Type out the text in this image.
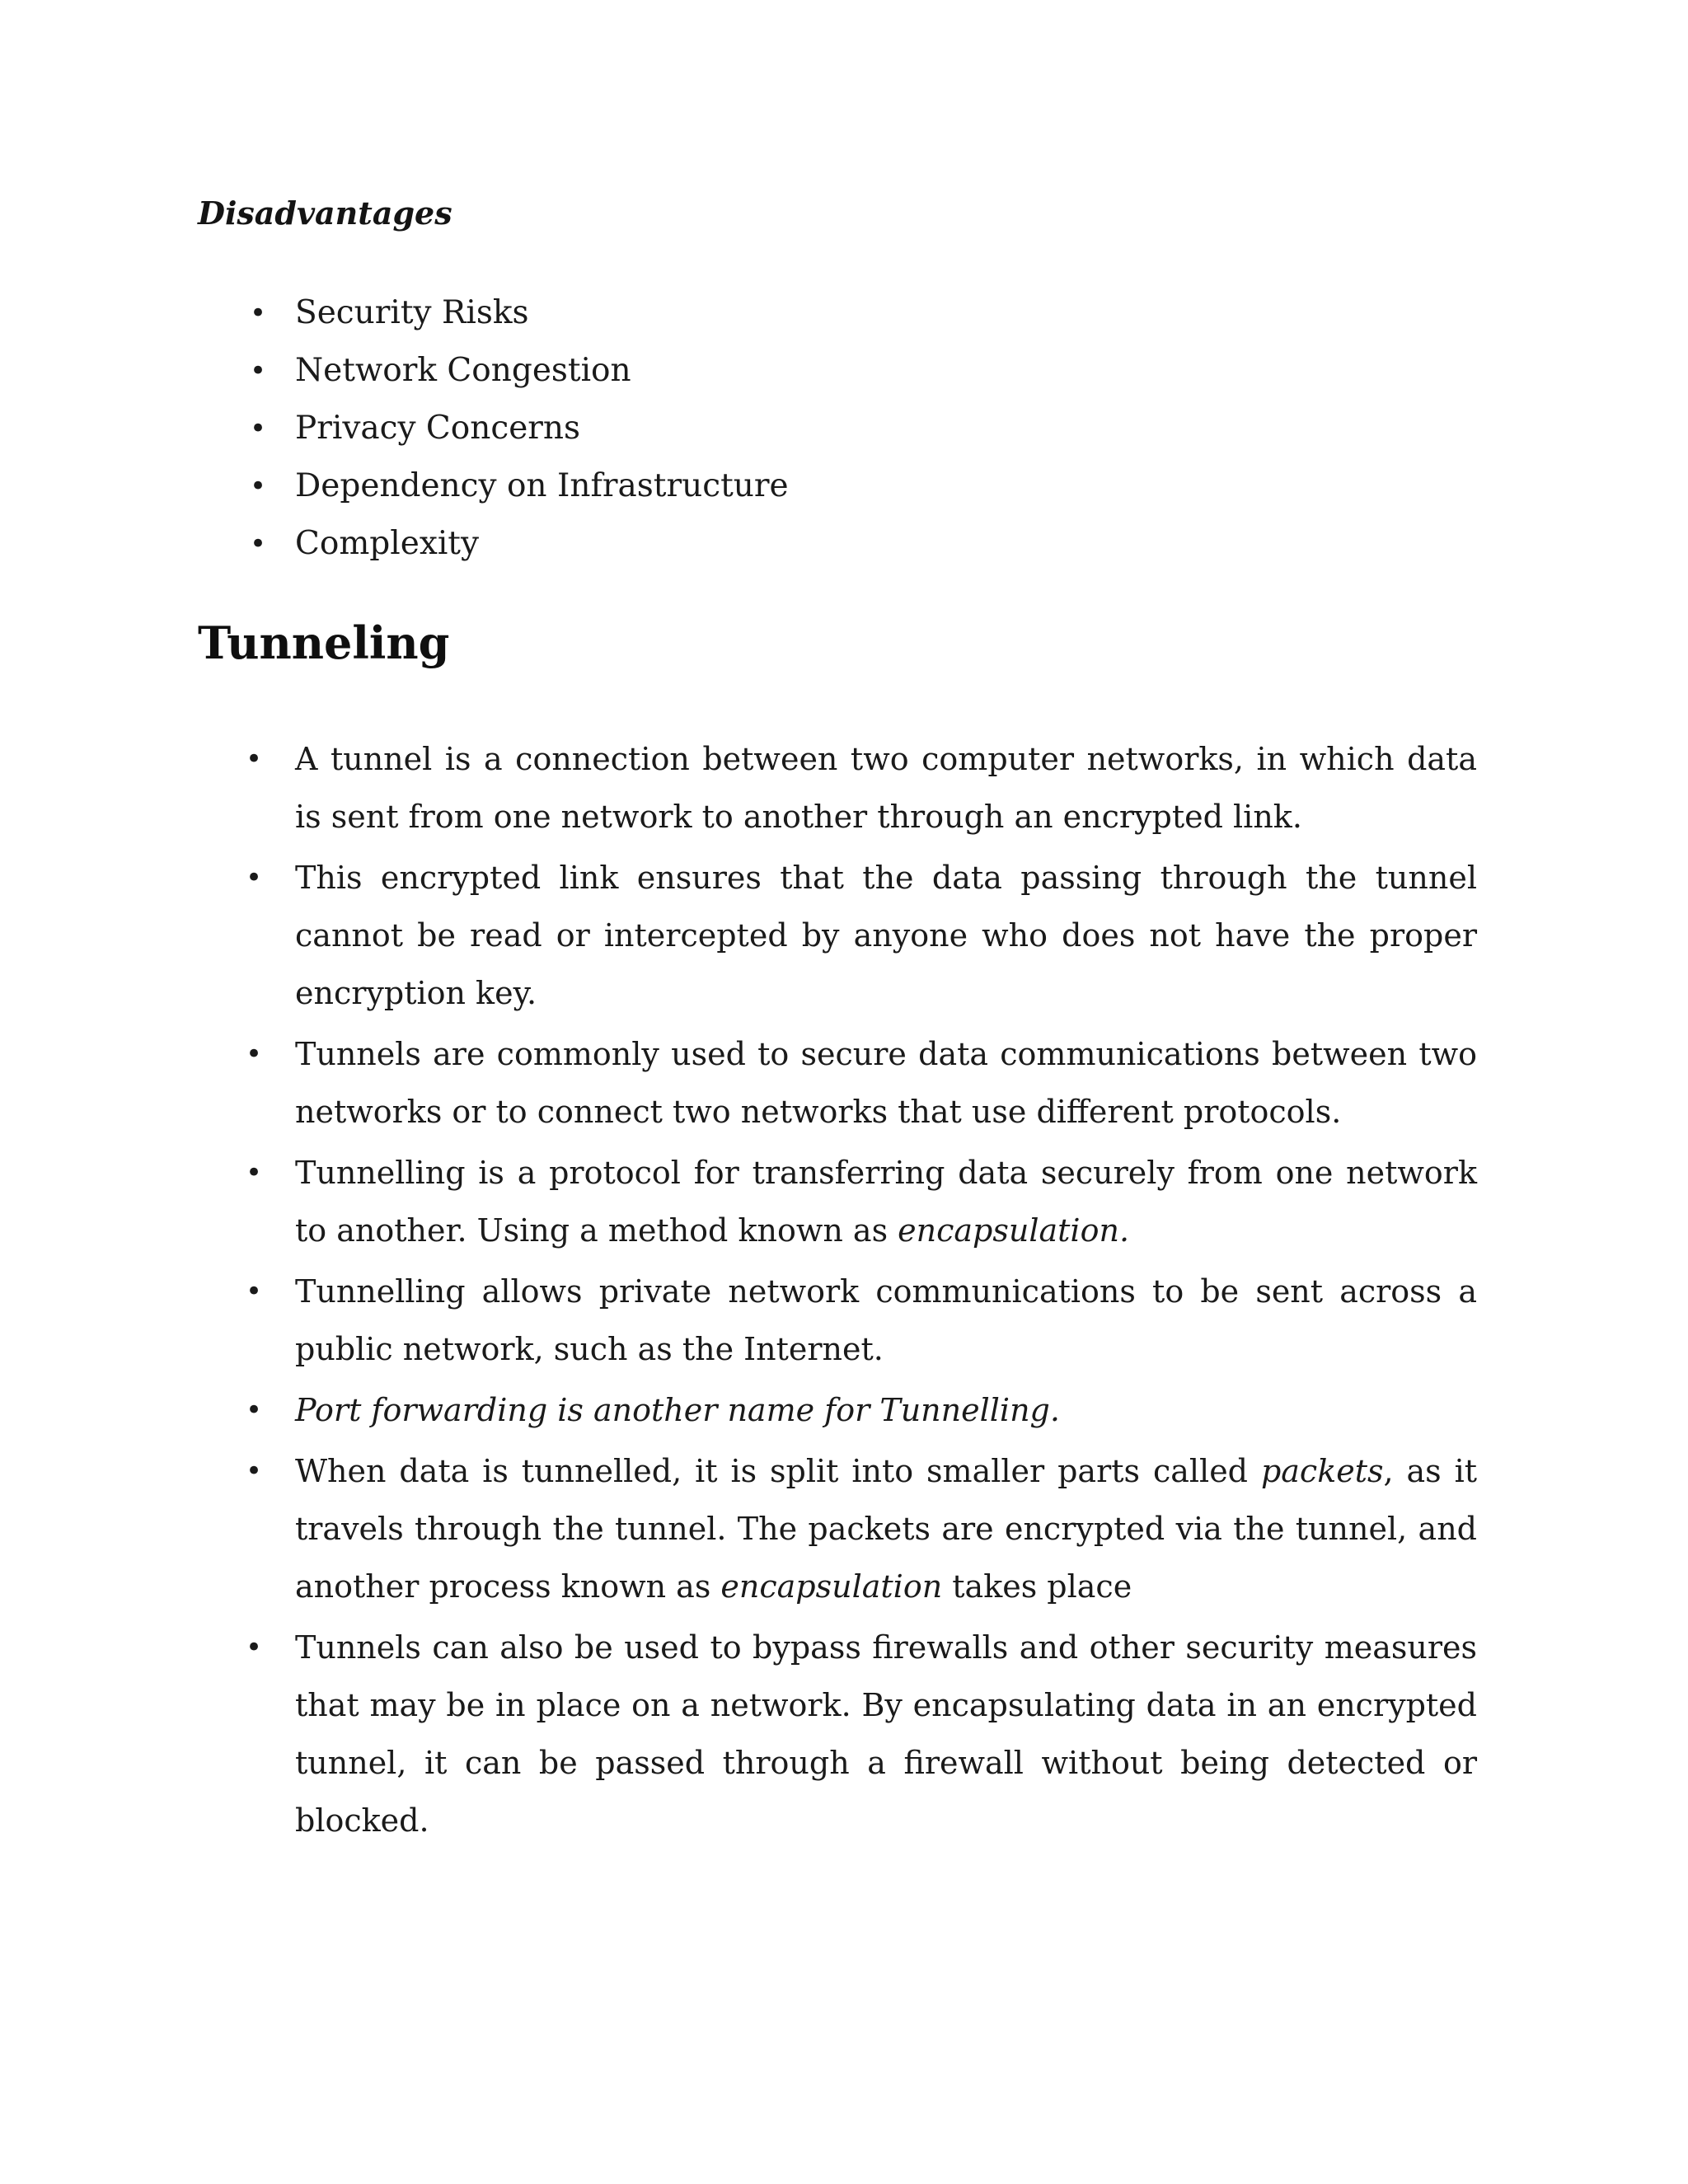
Disadvantages
• Security Risks
• Network Congestion
• Privacy Concerns
• Dependency on Infrastructure
• Complexity
Tunneling
• A tunnel is a connection between two computer networks, in which data is sent from one network to another through an encrypted link.
• This encrypted link ensures that the data passing through the tunnel cannot be read or intercepted by anyone who does not have the proper encryption key.
• Tunnels are commonly used to secure data communications between two networks or to connect two networks that use different protocols.
• Tunnelling is a protocol for transferring data securely from one network to another. Using a method known as encapsulation.
• Tunnelling allows private network communications to be sent across a public network, such as the Internet.
• Port forwarding is another name for Tunnelling.
• When data is tunnelled, it is split into smaller parts called packets, as it travels through the tunnel. The packets are encrypted via the tunnel, and another process known as encapsulation takes place
• Tunnels can also be used to bypass firewalls and other security measures that may be in place on a network. By encapsulating data in an encrypted tunnel, it can be passed through a firewall without being detected or blocked.
